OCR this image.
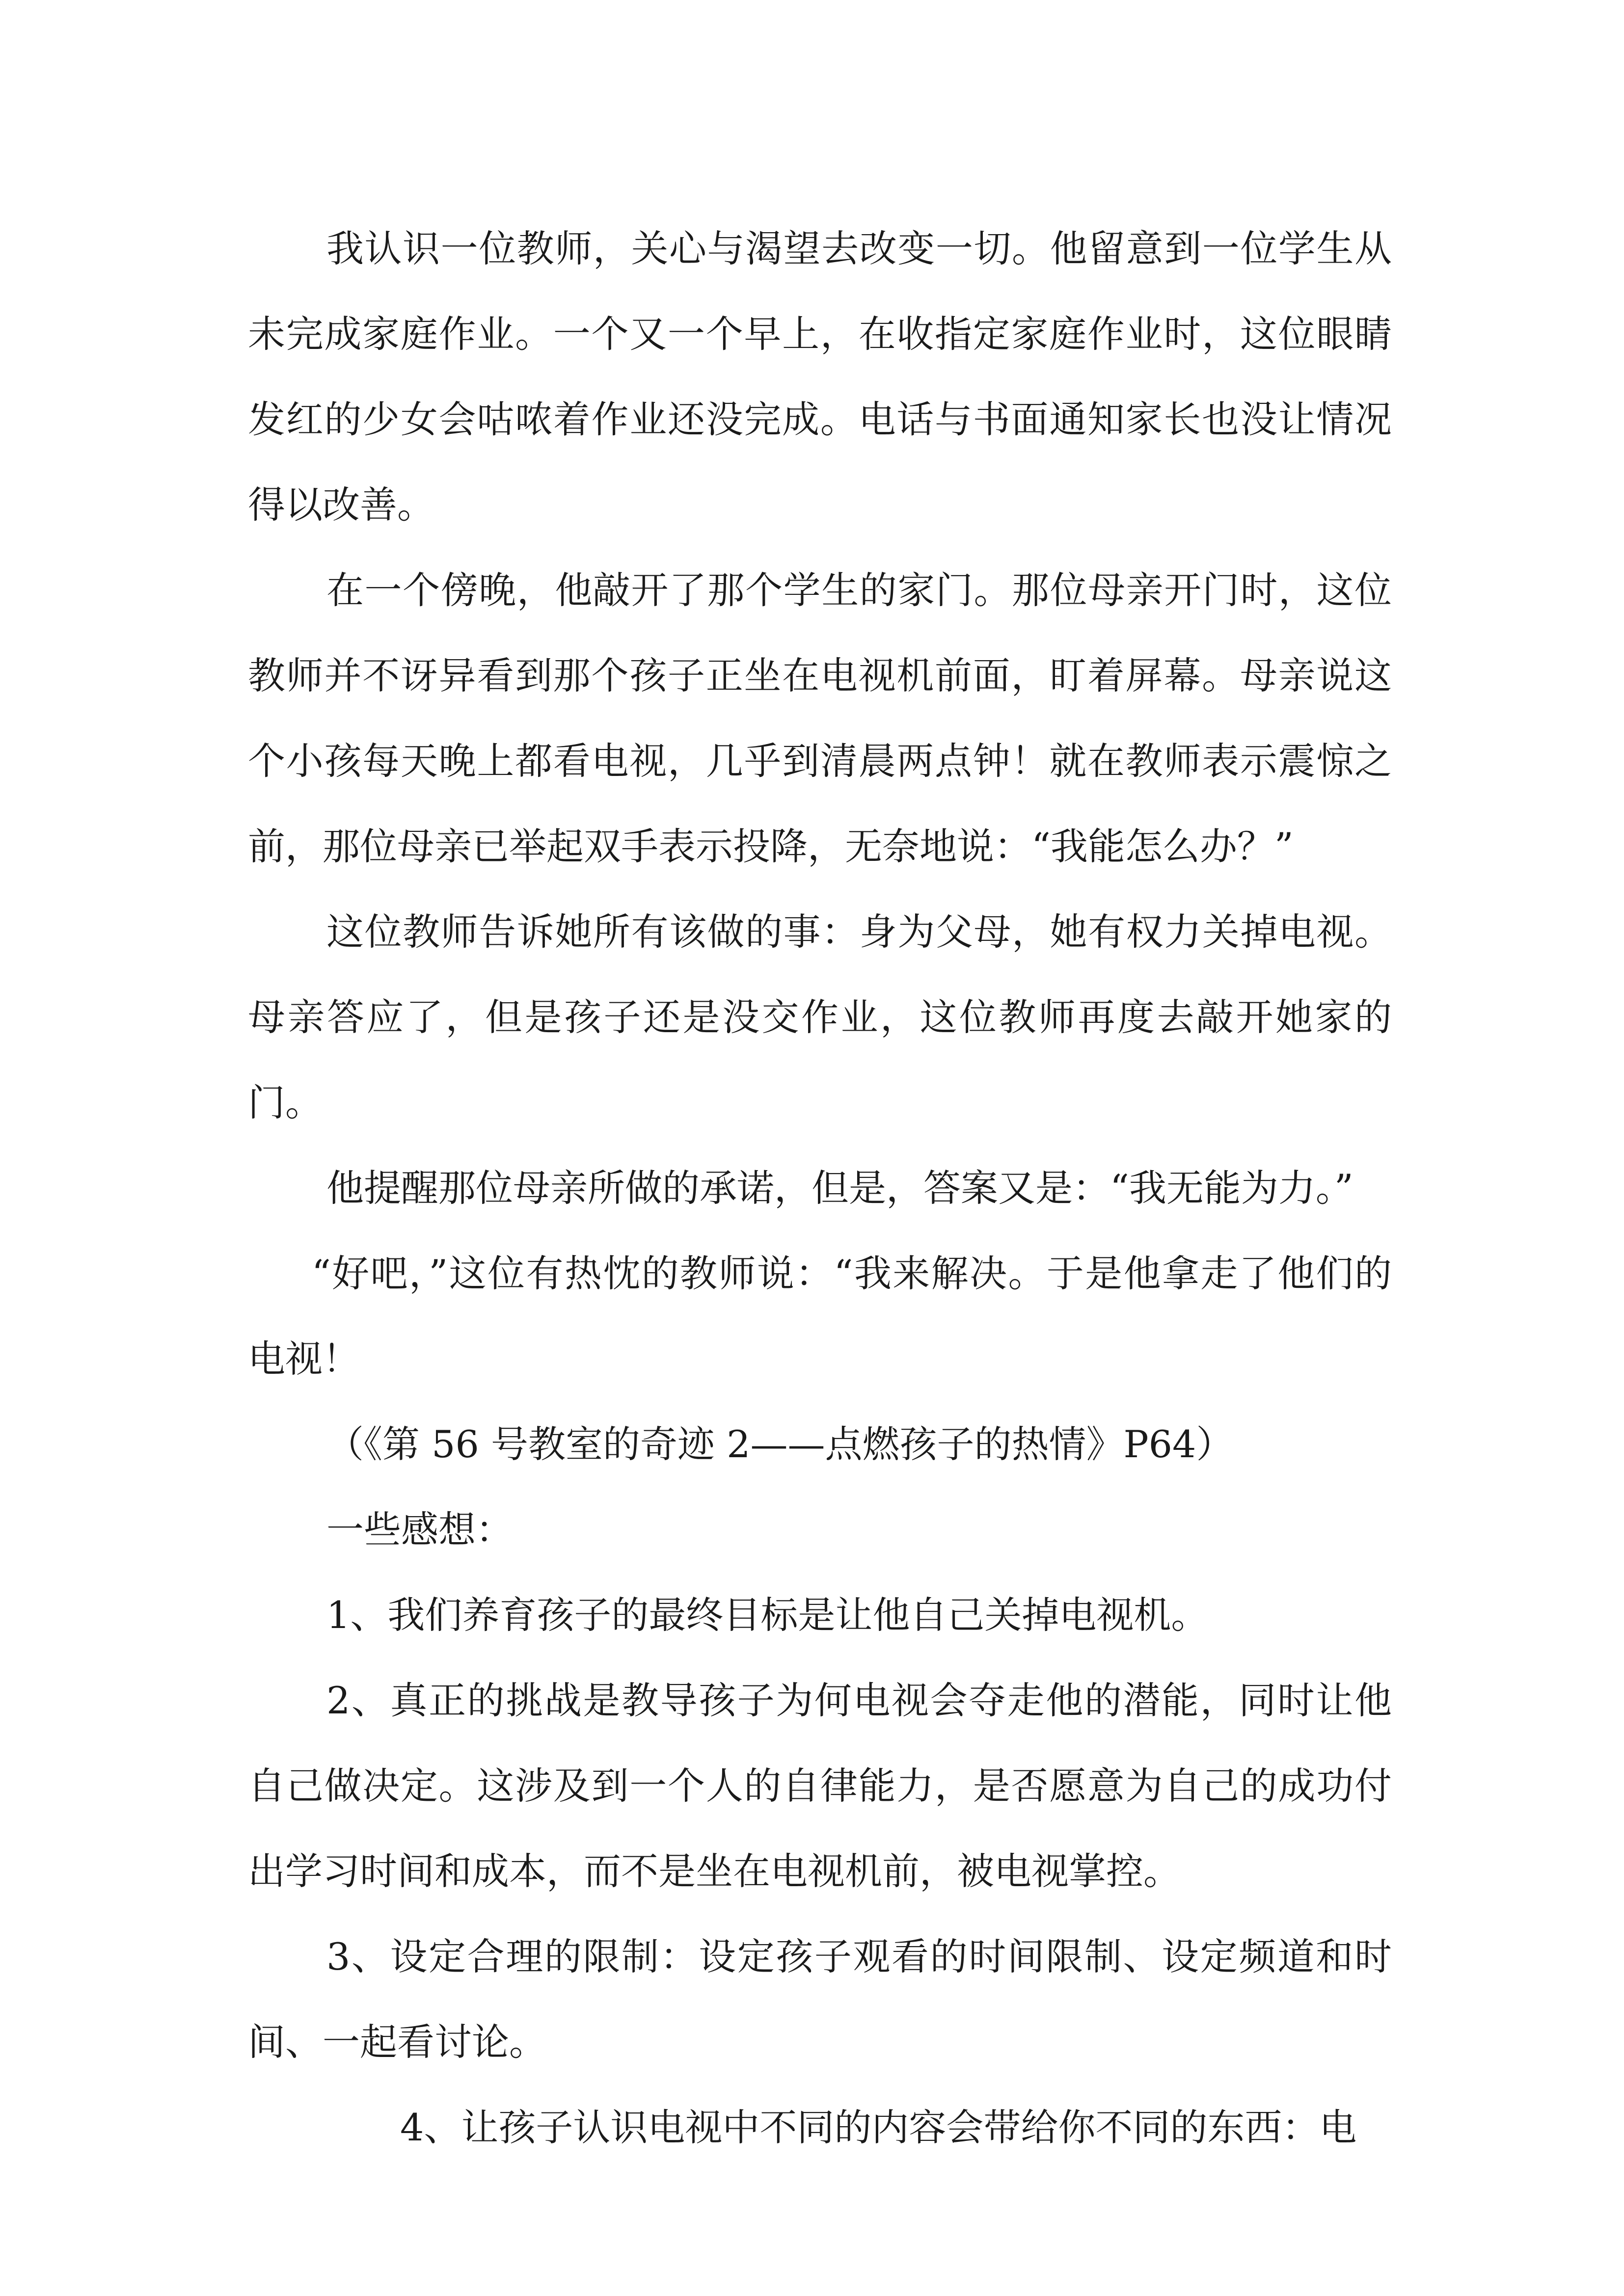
我认识一位教师，关心与渴望去改变一切。他留意到一位学生从未完成家庭作业。一个又一个早上，在收指定家庭作业时，这位眼睛发红的少女会咕哝着作业还没完成。电话与书面通知家长也没让情况得以改善。

在一个傍晚，他敲开了那个学生的家门。那位母亲开门时，这位教师并不讶异看到那个孩子正坐在电视机前面，盯着屏幕。母亲说这个小孩每天晚上都看电视，几乎到清晨两点钟！就在教师表示震惊之前，那位母亲已举起双手表示投降，无奈地说：“我能怎么办？”

这位教师告诉她所有该做的事：身为父母，她有权力关掉电视。母亲答应了，但是孩子还是没交作业，这位教师再度去敲开她家的门。

他提醒那位母亲所做的承诺，但是，答案又是：“我无能为力。”

“好吧，”这位有热忱的教师说：“我来解决。于是他拿走了他们的电视！

（《第 56 号教室的奇迹 2——点燃孩子的热情》P64）

一些感想：

1、我们养育孩子的最终目标是让他自己关掉电视机。

2、真正的挑战是教导孩子为何电视会夺走他的潜能，同时让他自己做决定。这涉及到一个人的自律能力，是否愿意为自己的成功付出学习时间和成本，而不是坐在电视机前，被电视掌控。

3、设定合理的限制：设定孩子观看的时间限制、设定频道和时间、一起看讨论。

4、让孩子认识电视中不同的内容会带给你不同的东西：电
